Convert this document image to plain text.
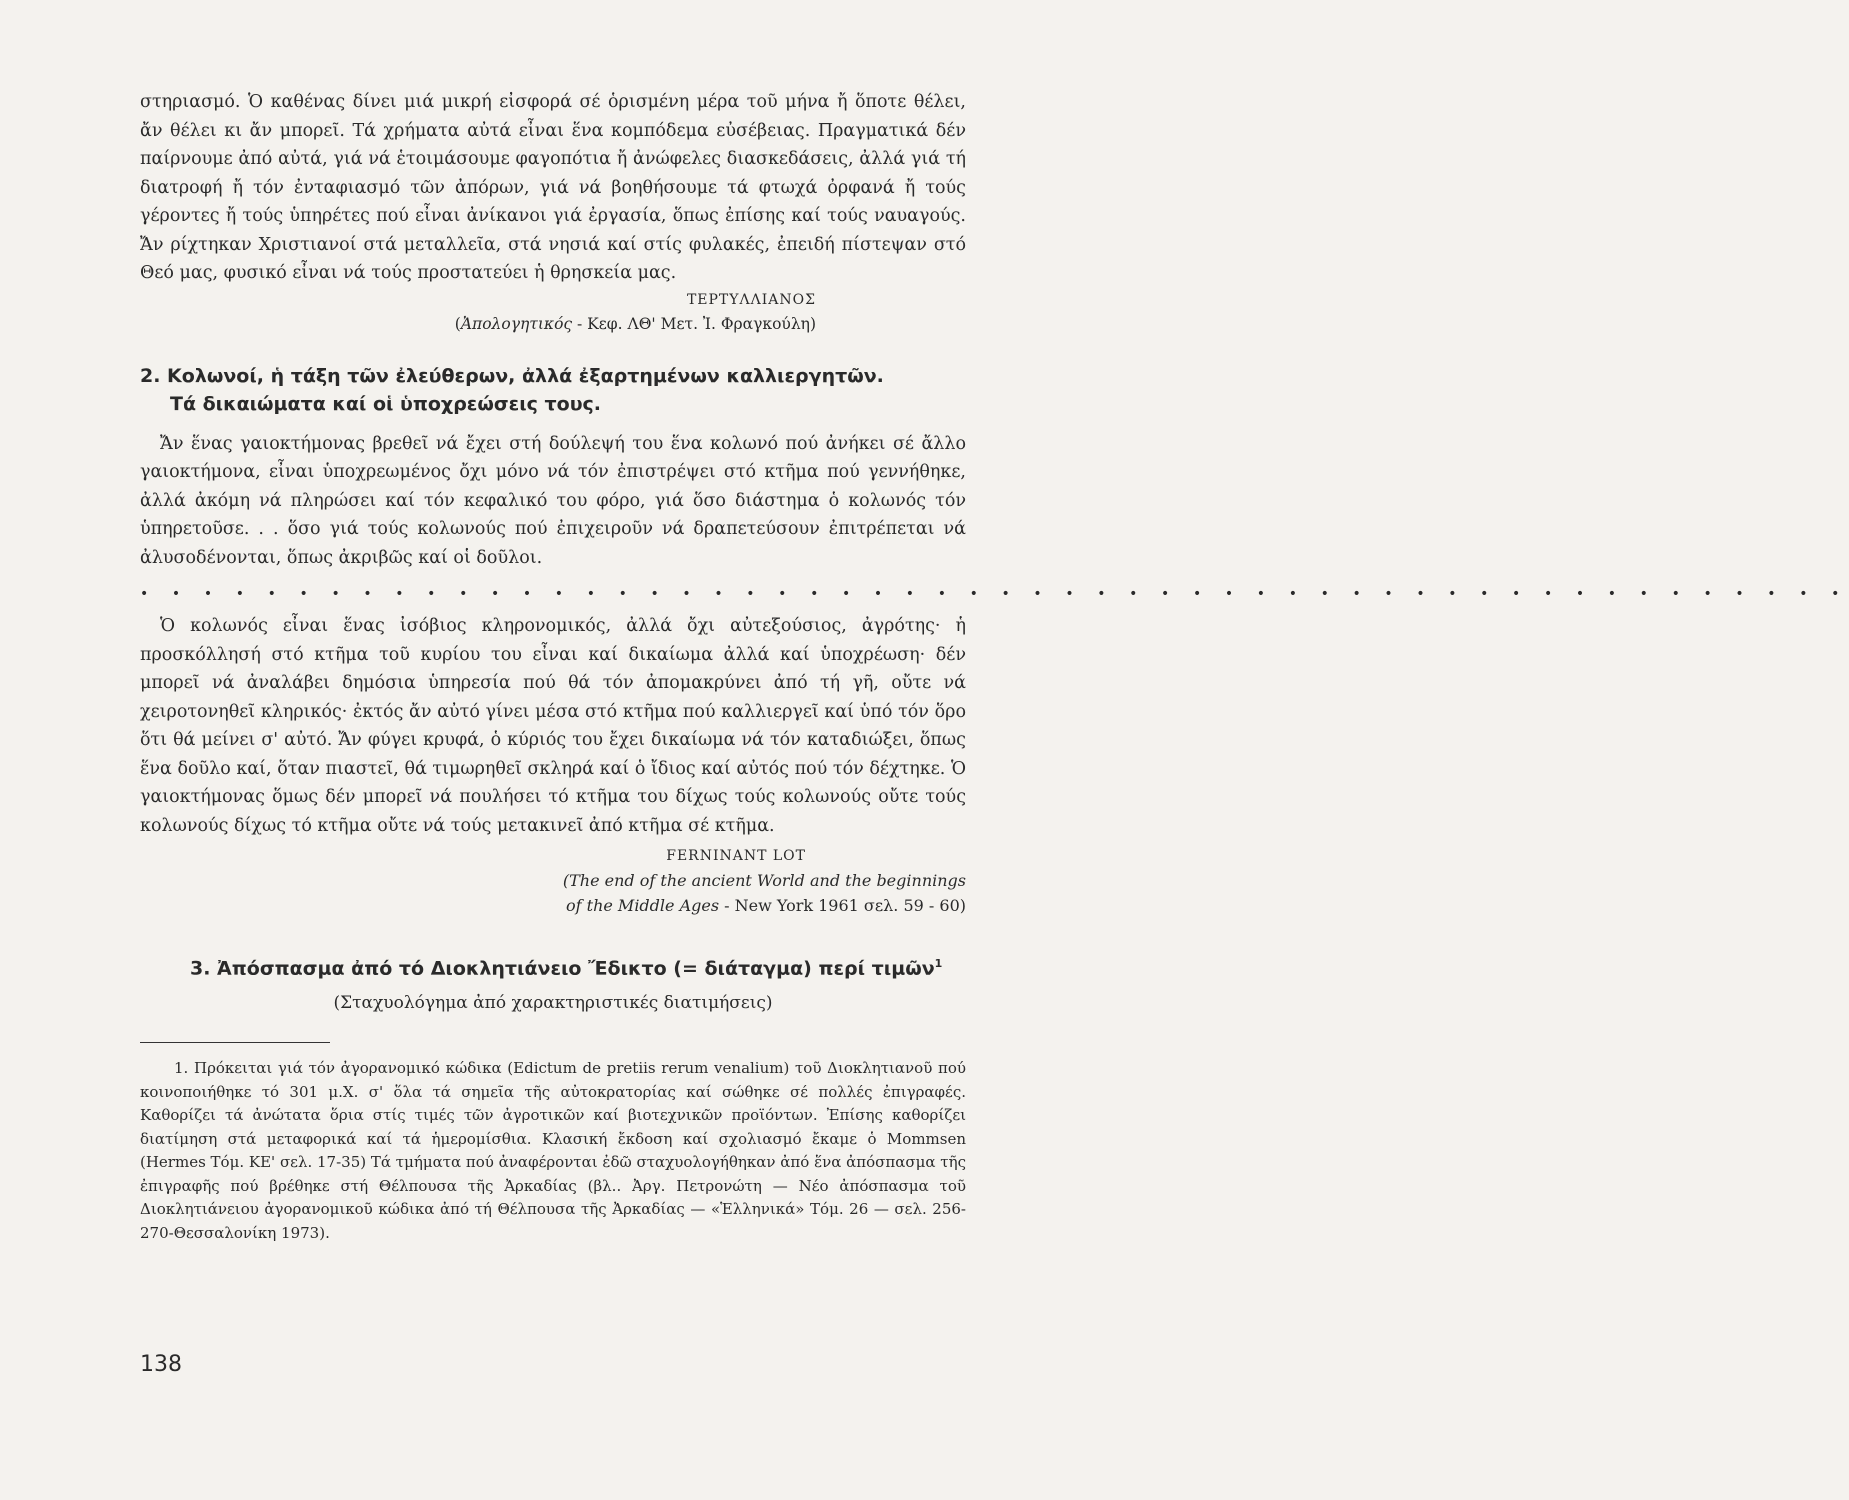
στηριασμό. Ὁ καθένας δίνει μιά μικρή εἰσφορά σέ ὁρισμένη μέρα τοῦ μήνα ἤ ὅποτε θέλει, ἄν θέλει κι ἄν μπορεῖ. Τά χρήματα αὐτά εἶναι ἕνα κομπόδεμα εὐσέβειας. Πραγματικά δέν παίρνουμε ἀπό αὐτά, γιά νά ἑτοιμάσουμε φαγοπότια ἤ ἀνώφελες διασκεδάσεις, ἀλλά γιά τή διατροφή ἤ τόν ἐνταφιασμό τῶν ἀπόρων, γιά νά βοηθήσουμε τά φτωχά ὀρφανά ἤ τούς γέροντες ἤ τούς ὑπηρέτες πού εἶναι ἀνίκανοι γιά ἐργασία, ὅπως ἐπίσης καί τούς ναυαγούς. Ἄν ρίχτηκαν Χριστιανοί στά μεταλλεῖα, στά νησιά καί στίς φυλακές, ἐπειδή πίστεψαν στό Θεό μας, φυσικό εἶναι νά τούς προστατεύει ἡ θρησκεία μας.

ΤΕΡΤΥΛΛΙΑΝΟΣ
(Ἀπολογητικός - Κεφ. ΛΘ' Μετ. Ἰ. Φραγκούλη)
2. Κολωνοί, ἡ τάξη τῶν ἐλεύθερων, ἀλλά ἐξαρτημένων καλλιεργητῶν.
Τά δικαιώματα καί οἱ ὑποχρεώσεις τους.

Ἄν ἕνας γαιοκτήμονας βρεθεῖ νά ἔχει στή δούλεψή του ἕνα κολωνό πού ἀνήκει σέ ἄλλο γαιοκτήμονα, εἶναι ὑποχρεωμένος ὄχι μόνο νά τόν ἐπιστρέψει στό κτῆμα πού γεννήθηκε, ἀλλά ἀκόμη νά πληρώσει καί τόν κεφαλικό του φόρο, γιά ὅσο διάστημα ὁ κολωνός τόν ὑπηρετοῦσε. . . ὅσο γιά τούς κολωνούς πού ἐπιχειροῦν νά δραπετεύσουν ἐπιτρέπεται νά ἀλυσοδένονται, ὅπως ἀκριβῶς καί οἱ δοῦλοι.

• • • • • • • • • • • • • • • • • • • • • • • • • • • • • • • • • • • • • • • • • • • • • • • • • • • • • •

Ὁ κολωνός εἶναι ἕνας ἰσόβιος κληρονομικός, ἀλλά ὄχι αὐτεξούσιος, ἀγρότης· ἡ προσκόλλησή στό κτῆμα τοῦ κυρίου του εἶναι καί δικαίωμα ἀλλά καί ὑποχρέωση· δέν μπορεῖ νά ἀναλάβει δημόσια ὑπηρεσία πού θά τόν ἀπομακρύνει ἀπό τή γῆ, οὔτε νά χειροτονηθεῖ κληρικός· ἐκτός ἄν αὐτό γίνει μέσα στό κτῆμα πού καλλιεργεῖ καί ὑπό τόν ὅρο ὅτι θά μείνει σ' αὐτό. Ἄν φύγει κρυφά, ὁ κύριός του ἔχει δικαίωμα νά τόν καταδιώξει, ὅπως ἕνα δοῦλο καί, ὅταν πιαστεῖ, θά τιμωρηθεῖ σκληρά καί ὁ ἴδιος καί αὐτός πού τόν δέχτηκε. Ὁ γαιοκτήμονας ὅμως δέν μπορεῖ νά πουλήσει τό κτῆμα του δίχως τούς κολωνούς οὔτε τούς κολωνούς δίχως τό κτῆμα οὔτε νά τούς μετακινεῖ ἀπό κτῆμα σέ κτῆμα.

FERNINANT LOT
(The end of the ancient World and the beginnings
of the Middle Ages - New York 1961 σελ. 59 - 60)
3. Ἀπόσπασμα ἀπό τό Διοκλητιάνειο Ἔδικτο (= διάταγμα) περί τιμῶν$^1$
(Σταχυολόγημα ἀπό χαρακτηριστικές διατιμήσεις)
1. Πρόκειται γιά τόν ἀγορανομικό κώδικα (Edictum de pretiis rerum venalium) τοῦ Διοκλητιανοῦ πού κοινοποιήθηκε τό 301 μ.Χ. σ' ὅλα τά σημεῖα τῆς αὐτοκρατορίας καί σώθηκε σέ πολλές ἐπιγραφές. Καθορίζει τά ἀνώτατα ὅρια στίς τιμές τῶν ἀγροτικῶν καί βιοτεχνικῶν προϊόντων. Ἐπίσης καθορίζει διατίμηση στά μεταφορικά καί τά ἡμερομίσθια. Κλασική ἔκδοση καί σχολιασμό ἔκαμε ὁ Mommsen (Hermes Τόμ. ΚΕ' σελ. 17-35) Τά τμήματα πού ἀναφέρονται ἐδῶ σταχυολογήθηκαν ἀπό ἕνα ἀπόσπασμα τῆς ἐπιγραφῆς πού βρέθηκε στή Θέλπουσα τῆς Ἀρκαδίας (βλ.. Ἀργ. Πετρονώτη — Νέο ἀπόσπασμα τοῦ Διοκλητιάνειου ἀγορανομικοῦ κώδικα ἀπό τή Θέλπουσα τῆς Ἀρκαδίας — «Ἑλληνικά» Τόμ. 26 — σελ. 256-270-Θεσσαλονίκη 1973).
138
